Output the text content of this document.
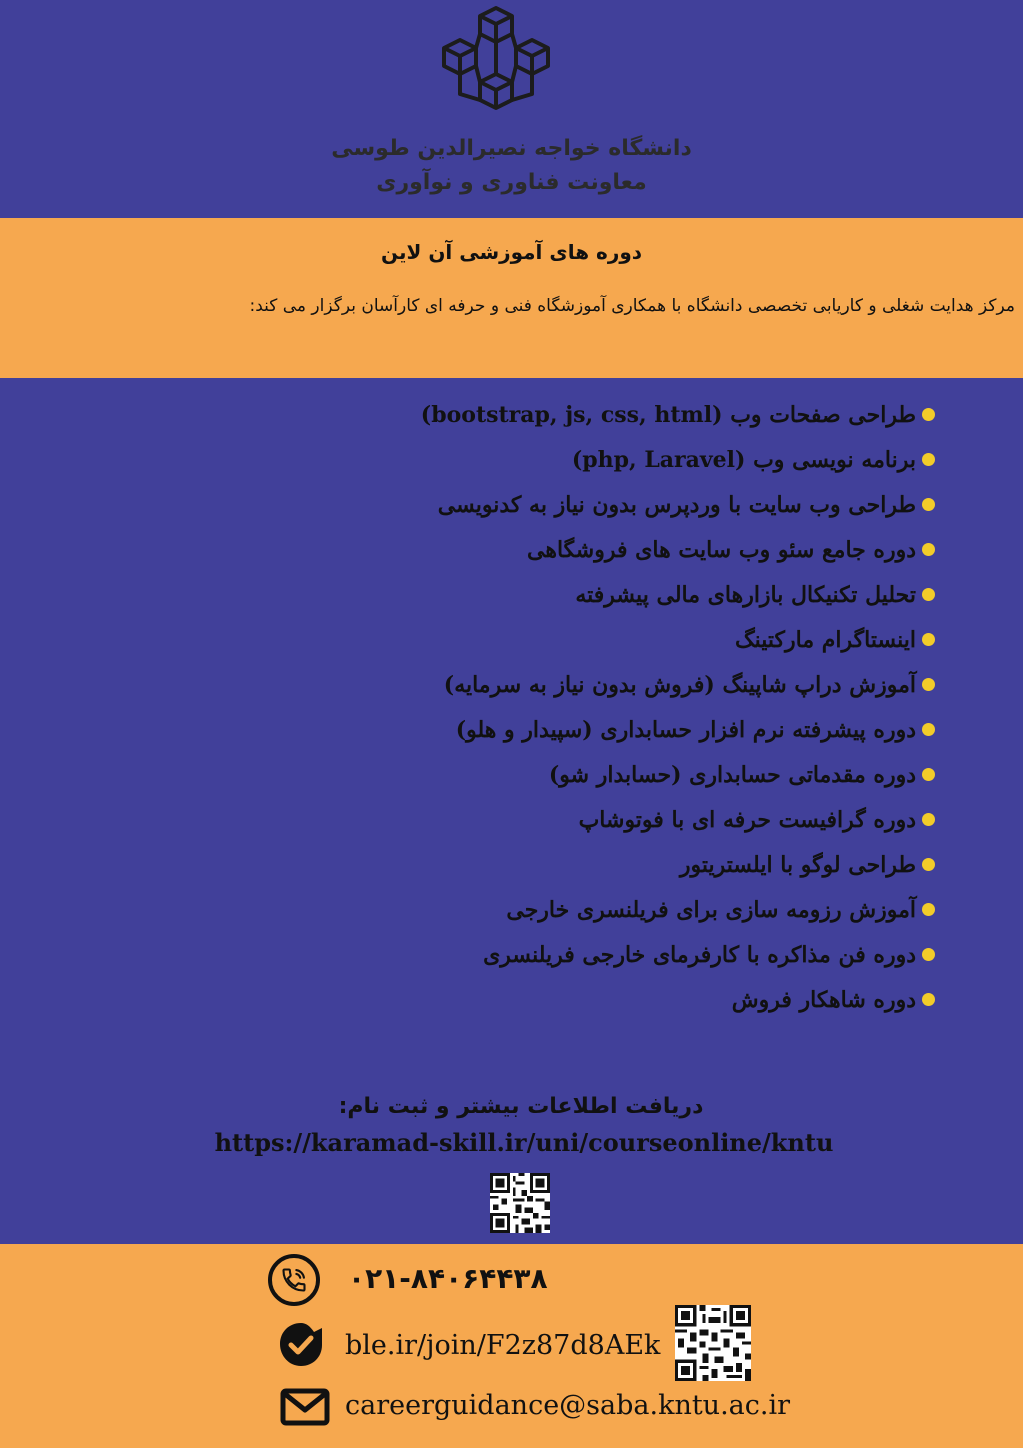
دانشگاه خواجه نصیرالدین طوسی
معاونت فناوری و نوآوری
دوره های آموزشی آن لاین
مرکز هدایت شغلی و کاریابی تخصصی دانشگاه با همکاری آموزشگاه فنی و حرفه ای کارآسان برگزار می کند:
طراحی صفحات وب (bootstrap, js, css, html)
برنامه نویسی وب (php, Laravel)
طراحی وب سایت با وردپرس بدون نیاز به کدنویسی
دوره جامع سئو وب سایت های فروشگاهی
تحلیل تکنیکال بازارهای مالی پیشرفته
اینستاگرام مارکتینگ
آموزش دراپ شاپینگ (فروش بدون نیاز به سرمایه)
دوره پیشرفته نرم افزار حسابداری (سپیدار و هلو)
دوره مقدماتی حسابداری (حسابدار شو)
دوره گرافیست حرفه ای با فوتوشاپ
طراحی لوگو با ایلستریتور
آموزش رزومه سازی برای فریلنسری خارجی
دوره فن مذاکره با کارفرمای خارجی فریلنسری
دوره شاهکار فروش
دریافت اطلاعات بیشتر و ثبت نام:
https://karamad-skill.ir/uni/courseonline/kntu
۰۲۱-۸۴۰۶۴۴۳۸
ble.ir/join/F2z87d8AEk
careerguidance@saba.kntu.ac.ir
